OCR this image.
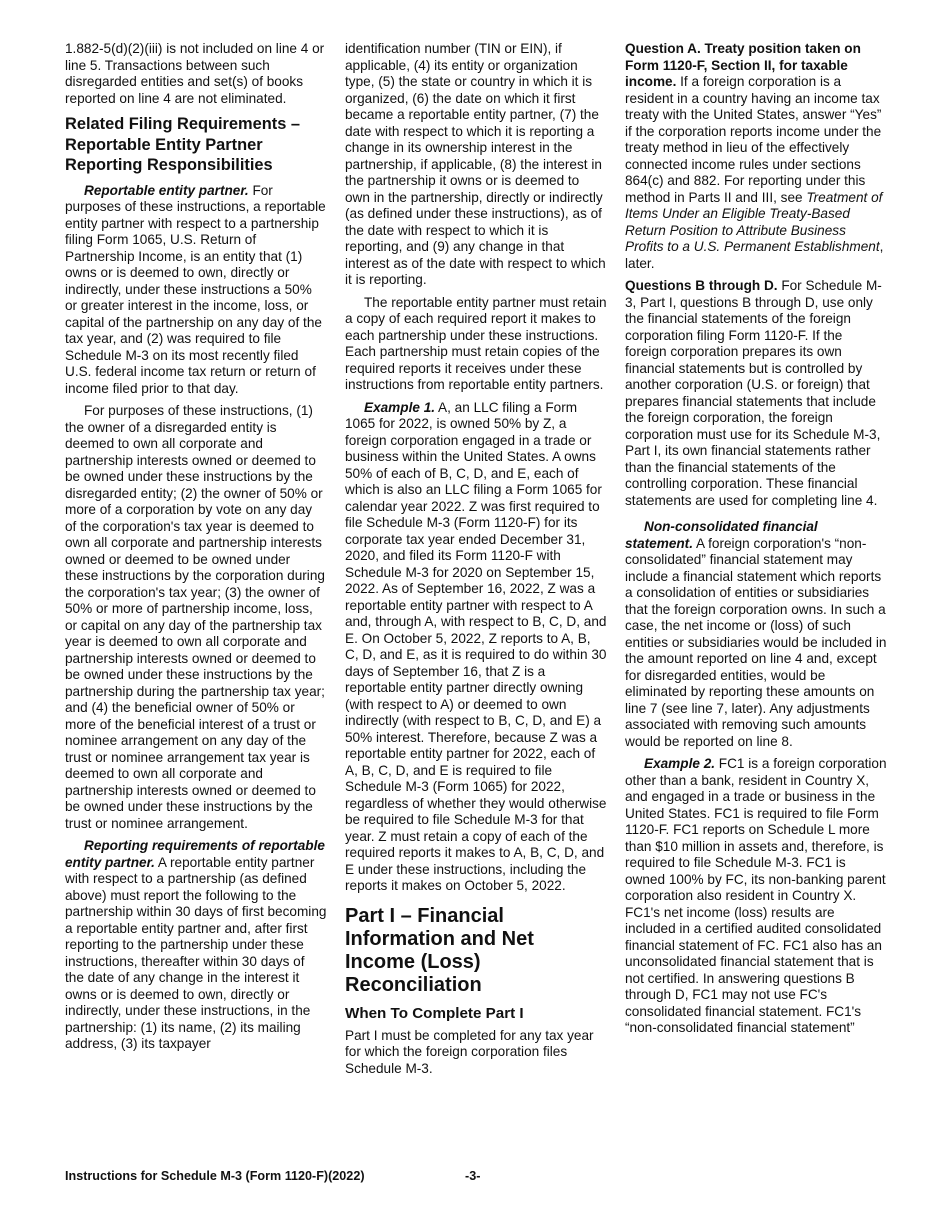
1.882-5(d)(2)(iii) is not included on line 4 or line 5. Transactions between such disregarded entities and set(s) of books reported on line 4 are not eliminated.

Related Filing Requirements – Reportable Entity Partner Reporting Responsibilities

Reportable entity partner. For purposes of these instructions, a reportable entity partner with respect to a partnership filing Form 1065, U.S. Return of Partnership Income, is an entity that (1) owns or is deemed to own, directly or indirectly, under these instructions a 50% or greater interest in the income, loss, or capital of the partnership on any day of the tax year, and (2) was required to file Schedule M-3 on its most recently filed U.S. federal income tax return or return of income filed prior to that day.

For purposes of these instructions, (1) the owner of a disregarded entity is deemed to own all corporate and partnership interests owned or deemed to be owned under these instructions by the disregarded entity; (2) the owner of 50% or more of a corporation by vote on any day of the corporation's tax year is deemed to own all corporate and partnership interests owned or deemed to be owned under these instructions by the corporation during the corporation's tax year; (3) the owner of 50% or more of partnership income, loss, or capital on any day of the partnership tax year is deemed to own all corporate and partnership interests owned or deemed to be owned under these instructions by the partnership during the partnership tax year; and (4) the beneficial owner of 50% or more of the beneficial interest of a trust or nominee arrangement on any day of the trust or nominee arrangement tax year is deemed to own all corporate and partnership interests owned or deemed to be owned under these instructions by the trust or nominee arrangement.

Reporting requirements of reportable entity partner. A reportable entity partner with respect to a partnership (as defined above) must report the following to the partnership within 30 days of first becoming a reportable entity partner and, after first reporting to the partnership under these instructions, thereafter within 30 days of the date of any change in the interest it owns or is deemed to own, directly or indirectly, under these instructions, in the partnership: (1) its name, (2) its mailing address, (3) its taxpayer

identification number (TIN or EIN), if applicable, (4) its entity or organization type, (5) the state or country in which it is organized, (6) the date on which it first became a reportable entity partner, (7) the date with respect to which it is reporting a change in its ownership interest in the partnership, if applicable, (8) the interest in the partnership it owns or is deemed to own in the partnership, directly or indirectly (as defined under these instructions), as of the date with respect to which it is reporting, and (9) any change in that interest as of the date with respect to which it is reporting.

The reportable entity partner must retain a copy of each required report it makes to each partnership under these instructions. Each partnership must retain copies of the required reports it receives under these instructions from reportable entity partners.

Example 1. A, an LLC filing a Form 1065 for 2022, is owned 50% by Z, a foreign corporation engaged in a trade or business within the United States. A owns 50% of each of B, C, D, and E, each of which is also an LLC filing a Form 1065 for calendar year 2022. Z was first required to file Schedule M-3 (Form 1120-F) for its corporate tax year ended December 31, 2020, and filed its Form 1120-F with Schedule M-3 for 2020 on September 15, 2022. As of September 16, 2022, Z was a reportable entity partner with respect to A and, through A, with respect to B, C, D, and E. On October 5, 2022, Z reports to A, B, C, D, and E, as it is required to do within 30 days of September 16, that Z is a reportable entity partner directly owning (with respect to A) or deemed to own indirectly (with respect to B, C, D, and E) a 50% interest. Therefore, because Z was a reportable entity partner for 2022, each of A, B, C, D, and E is required to file Schedule M-3 (Form 1065) for 2022, regardless of whether they would otherwise be required to file Schedule M-3 for that year. Z must retain a copy of each of the required reports it makes to A, B, C, D, and E under these instructions, including the reports it makes on October 5, 2022.

Part I – Financial Information and Net Income (Loss) Reconciliation
When To Complete Part I

Part I must be completed for any tax year for which the foreign corporation files Schedule M-3.

Question A. Treaty position taken on Form 1120-F, Section II, for taxable income. If a foreign corporation is a resident in a country having an income tax treaty with the United States, answer “Yes” if the corporation reports income under the treaty method in lieu of the effectively connected income rules under sections 864(c) and 882. For reporting under this method in Parts II and III, see Treatment of Items Under an Eligible Treaty-Based Return Position to Attribute Business Profits to a U.S. Permanent Establishment, later.

Questions B through D. For Schedule M-3, Part I, questions B through D, use only the financial statements of the foreign corporation filing Form 1120-F. If the foreign corporation prepares its own financial statements but is controlled by another corporation (U.S. or foreign) that prepares financial statements that include the foreign corporation, the foreign corporation must use for its Schedule M-3, Part I, its own financial statements rather than the financial statements of the controlling corporation. These financial statements are used for completing line 4.

Non-consolidated financial statement. A foreign corporation's “non-consolidated” financial statement may include a financial statement which reports a consolidation of entities or subsidiaries that the foreign corporation owns. In such a case, the net income or (loss) of such entities or subsidiaries would be included in the amount reported on line 4 and, except for disregarded entities, would be eliminated by reporting these amounts on line 7 (see line 7, later). Any adjustments associated with removing such amounts would be reported on line 8.

Example 2. FC1 is a foreign corporation other than a bank, resident in Country X, and engaged in a trade or business in the United States. FC1 is required to file Form 1120-F. FC1 reports on Schedule L more than $10 million in assets and, therefore, is required to file Schedule M-3. FC1 is owned 100% by FC, its non-banking parent corporation also resident in Country X. FC1's net income (loss) results are included in a certified audited consolidated financial statement of FC. FC1 also has an unconsolidated financial statement that is not certified. In answering questions B through D, FC1 may not use FC's consolidated financial statement. FC1's “non-consolidated financial statement”

Instructions for Schedule M-3 (Form 1120-F)(2022)	-3-
